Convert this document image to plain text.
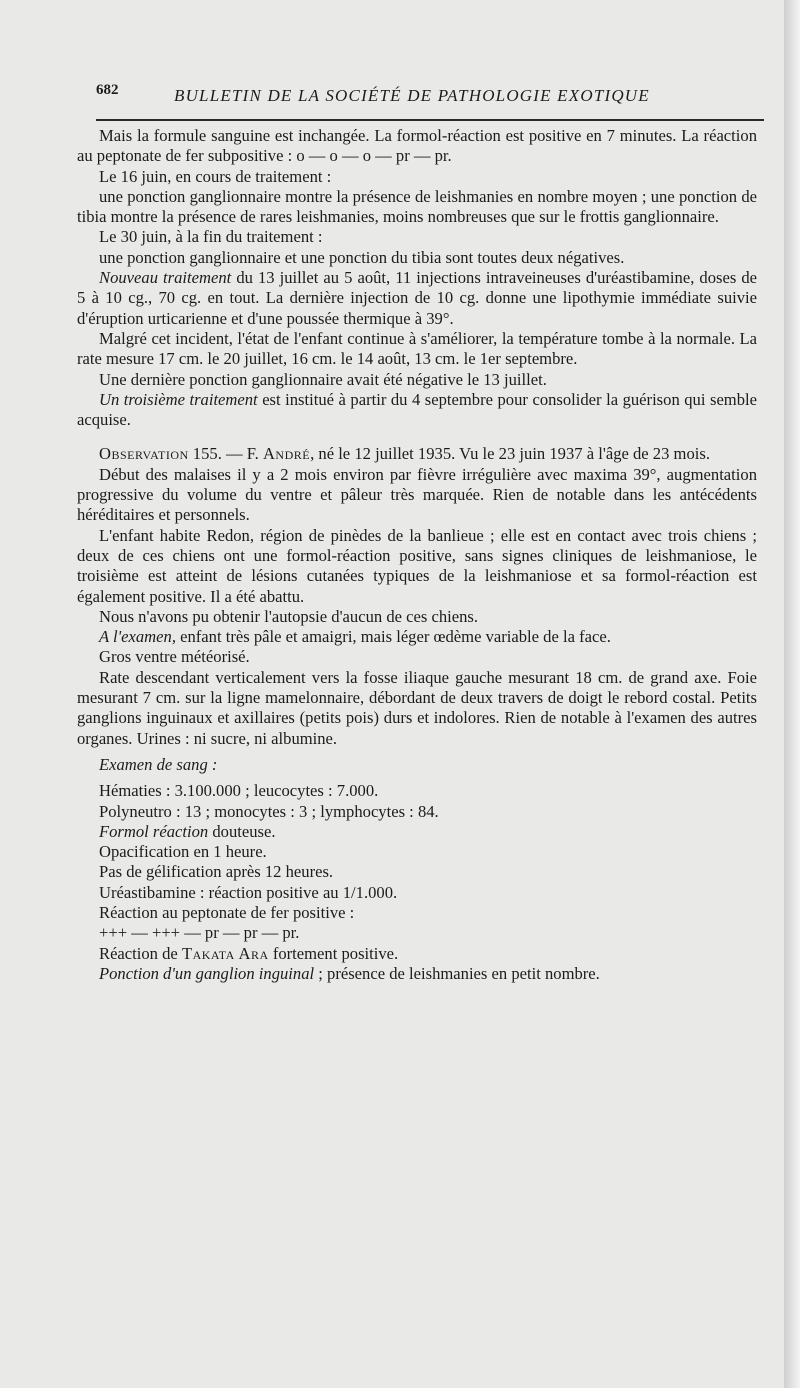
682	BULLETIN DE LA SOCIÉTÉ DE PATHOLOGIE EXOTIQUE

Mais la formule sanguine est inchangée. La formol-réaction est positive en 7 minutes. La réaction au peptonate de fer subpositive : o — o — o — pr — pr.

Le 16 juin, en cours de traitement :

une ponction ganglionnaire montre la présence de leishmanies en nombre moyen ; une ponction de tibia montre la présence de rares leishmanies, moins nombreuses que sur le frottis ganglionnaire.

Le 30 juin, à la fin du traitement :

une ponction ganglionnaire et une ponction du tibia sont toutes deux négatives.

Nouveau traitement du 13 juillet au 5 août, 11 injections intraveineuses d'uréastibamine, doses de 5 à 10 cg., 70 cg. en tout. La dernière injection de 10 cg. donne une lipothymie immédiate suivie d'éruption urticarienne et d'une poussée thermique à 39°.

Malgré cet incident, l'état de l'enfant continue à s'améliorer, la température tombe à la normale. La rate mesure 17 cm. le 20 juillet, 16 cm. le 14 août, 13 cm. le 1er septembre.

Une dernière ponction ganglionnaire avait été négative le 13 juillet.

Un troisième traitement est institué à partir du 4 septembre pour consolider la guérison qui semble acquise.

Observation 155. — F. André, né le 12 juillet 1935. Vu le 23 juin 1937 à l'âge de 23 mois.

Début des malaises il y a 2 mois environ par fièvre irrégulière avec maxima 39°, augmentation progressive du volume du ventre et pâleur très marquée. Rien de notable dans les antécédents héréditaires et personnels.

L'enfant habite Redon, région de pinèdes de la banlieue ; elle est en contact avec trois chiens ; deux de ces chiens ont une formol-réaction positive, sans signes cliniques de leishmaniose, le troisième est atteint de lésions cutanées typiques de la leishmaniose et sa formol-réaction est également positive. Il a été abattu.

Nous n'avons pu obtenir l'autopsie d'aucun de ces chiens.

A l'examen, enfant très pâle et amaigri, mais léger œdème variable de la face.

Gros ventre météorisé.

Rate descendant verticalement vers la fosse iliaque gauche mesurant 18 cm. de grand axe. Foie mesurant 7 cm. sur la ligne mamelonnaire, débordant de deux travers de doigt le rebord costal. Petits ganglions inguinaux et axillaires (petits pois) durs et indolores. Rien de notable à l'examen des autres organes. Urines : ni sucre, ni albumine.

Examen de sang :

Hématies : 3.100.000 ; leucocytes : 7.000.

Polyneutro : 13 ; monocytes : 3 ; lymphocytes : 84.

Formol réaction douteuse.

Opacification en 1 heure.

Pas de gélification après 12 heures.

Uréastibamine : réaction positive au 1/1.000.

Réaction au peptonate de fer positive :

+++ — +++ — pr — pr — pr.

Réaction de Takata Ara fortement positive.

Ponction d'un ganglion inguinal ; présence de leishmanies en petit nombre.
